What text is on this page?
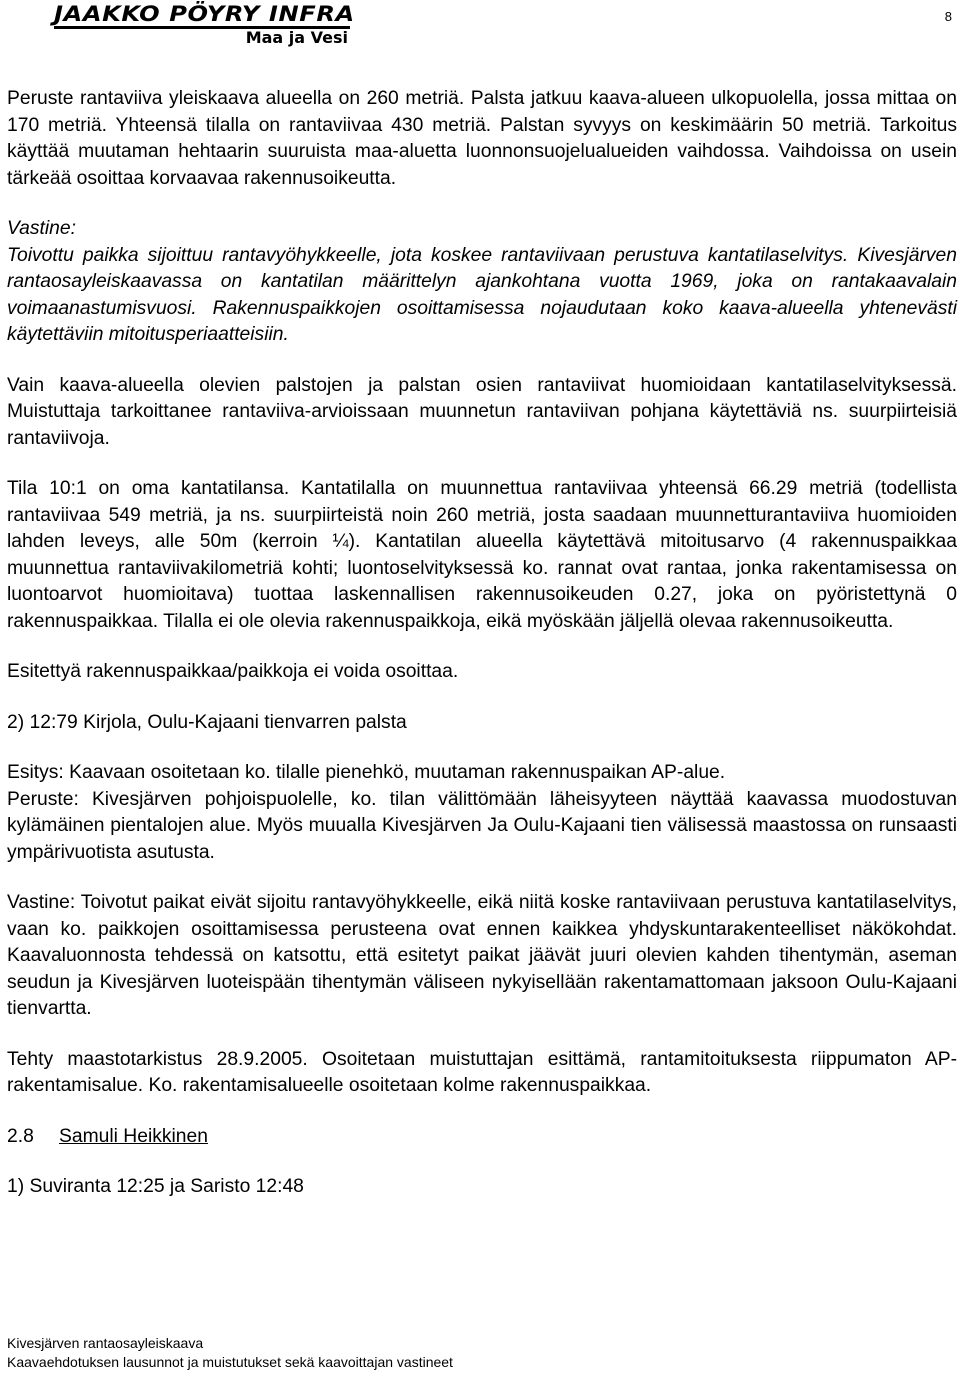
JAAKKO PÖYRY INFRA
Maa ja Vesi
8

Peruste rantaviiva yleiskaava alueella on 260 metriä. Palsta jatkuu kaava-alueen ulkopuolella, jossa mittaa on 170 metriä. Yhteensä tilalla on rantaviivaa 430 metriä. Palstan syvyys on keskimäärin 50 metriä. Tarkoitus käyttää muutaman hehtaarin suuruista maa-aluetta luonnonsuojelualueiden vaihdossa. Vaihdoissa on usein tärkeää osoittaa korvaavaa rakennusoikeutta.

Vastine:
Toivottu paikka sijoittuu rantavyöhykkeelle, jota koskee rantaviivaan perustuva kantatilaselvitys. Kivesjärven rantaosayleiskaavassa on kantatilan määrittelyn ajankohtana vuotta 1969, joka on rantakaavalain voimaanastumisvuosi. Rakennuspaikkojen osoittamisessa nojaudutaan koko kaava-alueella yhtenevästi käytettäviin mitoitusperiaatteisiin.

Vain kaava-alueella olevien palstojen ja palstan osien rantaviivat huomioidaan kantatilaselvityksessä. Muistuttaja tarkoittanee rantaviiva-arvioissaan muunnetun rantaviivan pohjana käytettäviä ns. suurpiirteisiä rantaviivoja.

Tila 10:1 on oma kantatilansa. Kantatilalla on muunnettua rantaviivaa yhteensä 66.29 metriä (todellista rantaviivaa 549 metriä, ja ns. suurpiirteistä noin 260 metriä, josta saadaan muunnetturantaviiva huomioiden lahden leveys, alle 50m (kerroin ¼). Kantatilan alueella käytettävä mitoitusarvo (4 rakennuspaikkaa muunnettua rantaviivakilometriä kohti; luontoselvityksessä ko. rannat ovat rantaa, jonka rakentamisessa on luontoarvot huomioitava) tuottaa laskennallisen rakennusoikeuden 0.27, joka on pyöristettynä 0 rakennuspaikkaa. Tilalla ei ole olevia rakennuspaikkoja, eikä myöskään jäljellä olevaa rakennusoikeutta.

Esitettyä rakennuspaikkaa/paikkoja ei voida osoittaa.

2) 12:79 Kirjola, Oulu-Kajaani tienvarren palsta

Esitys: Kaavaan osoitetaan ko. tilalle pienehkö, muutaman rakennuspaikan AP-alue.

Peruste: Kivesjärven pohjoispuolelle, ko. tilan välittömään läheisyyteen näyttää kaavassa muodostuvan kylämäinen pientalojen alue. Myös muualla Kivesjärven Ja Oulu-Kajaani tien välisessä maastossa on runsaasti ympärivuotista asutusta.

Vastine: Toivotut paikat eivät sijoitu rantavyöhykkeelle, eikä niitä koske rantaviivaan perustuva kantatilaselvitys, vaan ko. paikkojen osoittamisessa perusteena ovat ennen kaikkea yhdyskuntarakenteelliset näkökohdat. Kaavaluonnosta tehdessä on katsottu, että esitetyt paikat jäävät juuri olevien kahden tihentymän, aseman seudun ja Kivesjärven luoteispään tihentymän väliseen nykyisellään rakentamattomaan jaksoon Oulu-Kajaani tienvartta.

Tehty maastotarkistus 28.9.2005. Osoitetaan muistuttajan esittämä, rantamitoituksesta riippumaton AP-rakentamisalue. Ko. rakentamisalueelle osoitetaan kolme rakennuspaikkaa.

2.8 Samuli Heikkinen

1) Suviranta 12:25 ja Saristo 12:48

Kivesjärven rantaosayleiskaava
Kaavaehdotuksen lausunnot ja muistutukset sekä kaavoittajan vastineet
